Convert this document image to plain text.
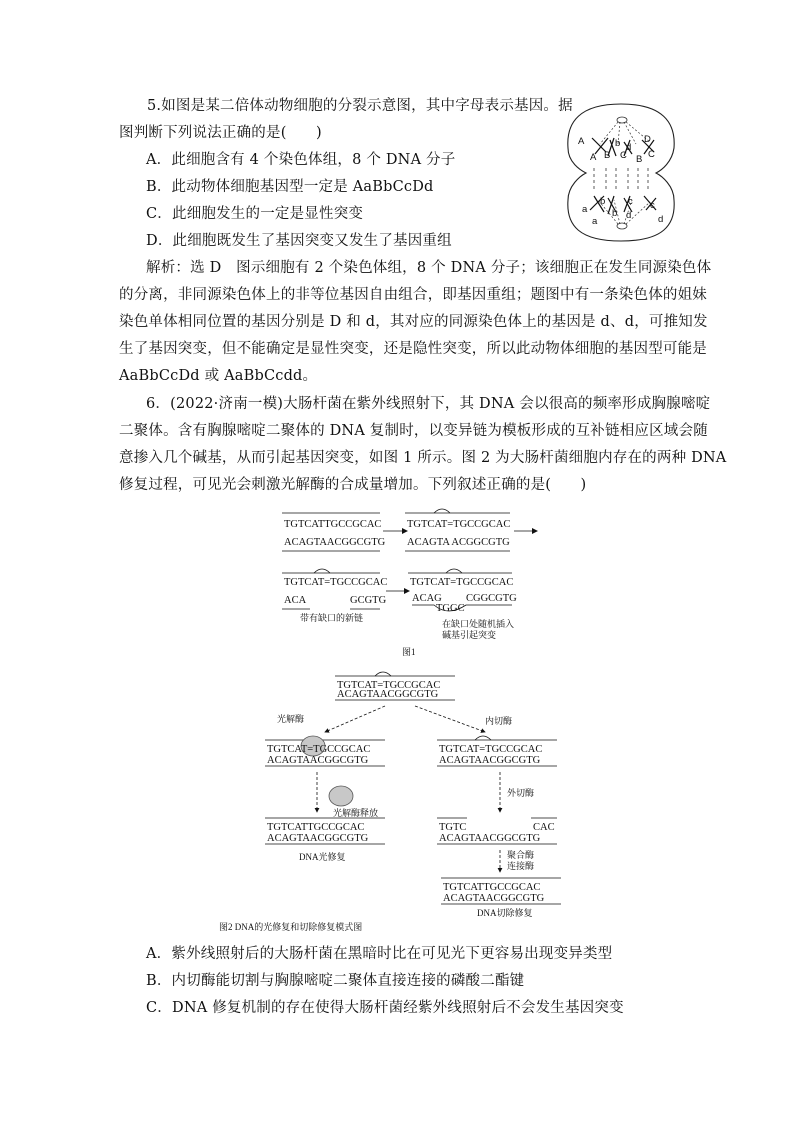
5.如图是某二倍体动物细胞的分裂示意图，其中字母表示基因。据
图判断下列说法正确的是(　　)
A．此细胞含有 4 个染色体组，8 个 DNA 分子
B．此动物体细胞基因型一定是 AaBbCcDd
C．此细胞发生的一定是显性突变
D．此细胞既发生了基因突变又发生了基因重组
A
A B
b d
C
D
C
a
b
b
c
d
c
B
a	d
解析：选 D　图示细胞有 2 个染色体组，8 个 DNA 分子；该细胞正在发生同源染色体
的分离，非同源染色体上的非等位基因自由组合，即基因重组；题图中有一条染色体的姐妹
染色单体相同位置的基因分别是 D 和 d，其对应的同源染色体上的基因是 d、d，可推知发
生了基因突变，但不能确定是显性突变，还是隐性突变，所以此动物体细胞的基因型可能是
AaBbCcDd 或 AaBbCcdd。
6．(2022·济南一模)大肠杆菌在紫外线照射下，其 DNA 会以很高的频率形成胸腺嘧啶
二聚体。含有胸腺嘧啶二聚体的 DNA 复制时，以变异链为模板形成的互补链相应区域会随
意掺入几个碱基，从而引起基因突变，如图 1 所示。图 2 为大肠杆菌细胞内存在的两种 DNA
修复过程，可见光会刺激光解酶的合成量增加。下列叙述正确的是(　　)
TGTCATTGCCGCAC
ACAGTAACGGCGTG
TGTCAT=TGCCGCAC
ACAGTA ACGGCGTG
TGTCAT=TGCCGCAC
ACA	GCGTG
带有缺口的新链
TGTCAT=TGCCGCAC
ACAG
TGGC
CGGCGTG
在缺口处随机插入
碱基引起突变
图1
TGTCAT=TGCCGCAC
ACAGTAACGGCGTG
光解酶	内切酶
TGTCAT=TGCCGCAC
ACAGTAACGGCGTG
TGTCAT=TGCCGCAC
ACAGTAACGGCGTG
光解酶释放
外切酶
TGTCATTGCCGCAC
ACAGTAACGGCGTG
DNA光修复
TGTC	CAC
ACAGTAACGGCGTG
聚合酶
连接酶
TGTCATTGCCGCAC
ACAGTAACGGCGTG
DNA切除修复
图2 DNA的光修复和切除修复模式图
A．紫外线照射后的大肠杆菌在黑暗时比在可见光下更容易出现变异类型
B．内切酶能切割与胸腺嘧啶二聚体直接连接的磷酸二酯键
C．DNA 修复机制的存在使得大肠杆菌经紫外线照射后不会发生基因突变
